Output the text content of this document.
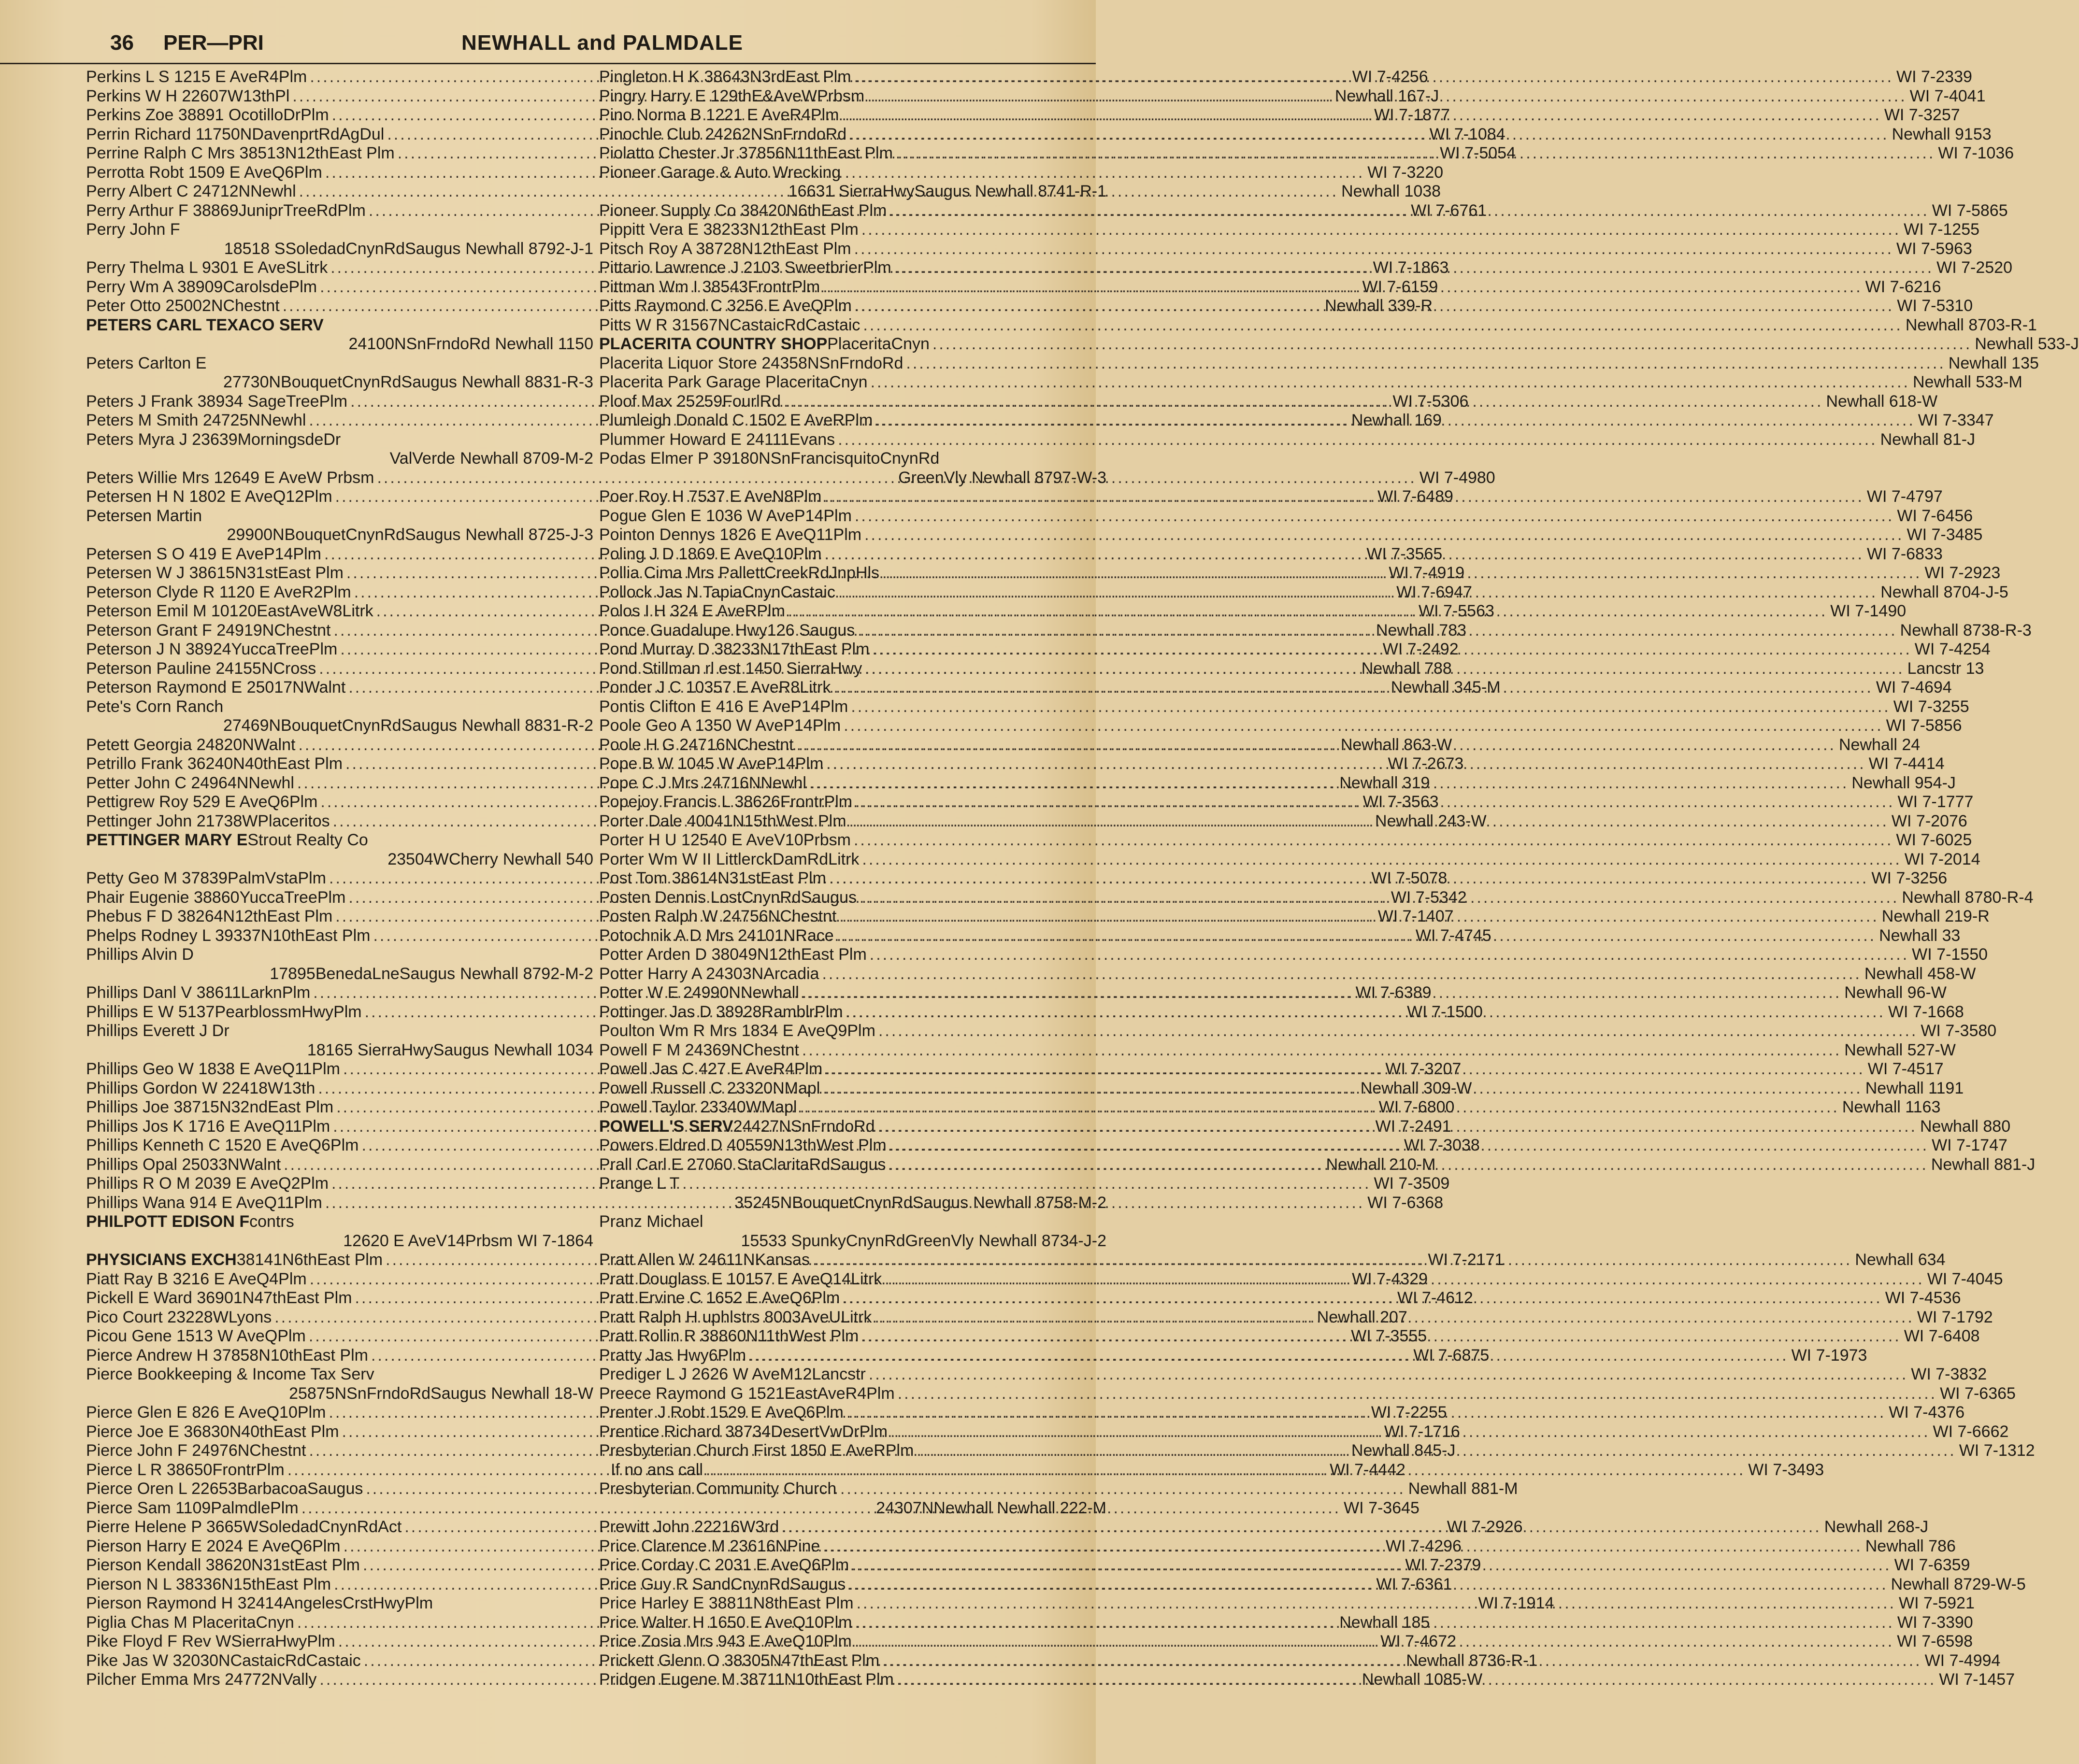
36 PER—PRI	NEWHALL and PALMDALE
Perkins L S 1215 E AveR4Plm .....	WI 7-4256
Perkins W H 22607W13thPl .....	Newhall 167-J
Perkins Zoe 38891 OcotilloDrPlm .....	WI 7-1877
Perrin Richard 11750NDavenprtRdAgDul .....	WI 7-1084
Perrine Ralph C Mrs 38513N12thEast Plm .....	WI 7-5054
Perrotta Robt 1509 E AveQ6Plm .....	WI 7-3220
Perry Albert C 24712NNewhl .....	Newhall 1038
Perry Arthur F 38869JuniprTreeRdPlm .....	WI 7-6761
Perry John F
18518 SSoledadCnynRdSaugus Newhall 8792-J-1
Perry Thelma L 9301 E AveSLitrk .....	WI 7-1863
Perry Wm A 38909CarolsdePlm .....	WI 7-6159
Peter Otto 25002NChestnt .....	Newhall 339-R
PETERS CARL TEXACO SERV
24100NSnFrndoRd Newhall 1150
Peters Carlton E
27730NBouquetCnynRdSaugus Newhall 8831-R-3
Peters J Frank 38934 SageTreePlm .....	WI 7-5306
Peters M Smith 24725NNewhl .....	Newhall 169
Peters Myra J 23639MorningsdeDr
ValVerde Newhall 8709-M-2
Peters Willie Mrs 12649 E AveW Prbsm .....	WI 7-4980
Petersen H N 1802 E AveQ12Plm .....	WI 7-6489
Petersen Martin
29900NBouquetCnynRdSaugus Newhall 8725-J-3
Petersen S O 419 E AveP14Plm .....	WI 7-3565
Petersen W J 38615N31stEast Plm .....	WI 7-4919
Peterson Clyde R 1120 E AveR2Plm .....	WI 7-6947
Peterson Emil M 10120EastAveW8Litrk .....	WI 7-5563
Peterson Grant F 24919NChestnt .....	Newhall 783
Peterson J N 38924YuccaTreePlm .....	WI 7-2492
Peterson Pauline 24155NCross .....	Newhall 788
Peterson Raymond E 25017NWalnt .....	Newhall 345-M
Pete's Corn Ranch
27469NBouquetCnynRdSaugus Newhall 8831-R-2
Petett Georgia 24820NWalnt .....	Newhall 863-W
Petrillo Frank 36240N40thEast Plm .....	WI 7-2673
Petter John C 24964NNewhl .....	Newhall 319
Pettigrew Roy 529 E AveQ6Plm .....	WI 7-3563
Pettinger John 21738WPlaceritos .....	Newhall 243-W
PETTINGER MARY E Strout Realty Co
23504WCherry Newhall 540
Petty Geo M 37839PalmVstaPlm .....	WI 7-5078
Phair Eugenie 38860YuccaTreePlm .....	WI 7-5342
Phebus F D 38264N12thEast Plm .....	WI 7-1407
Phelps Rodney L 39337N10thEast Plm .....	WI 7-4745
Phillips Alvin D
17895BenedaLneSaugus Newhall 8792-M-2
Phillips Danl V 38611LarknPlm .....	WI 7-6389
Phillips E W 5137PearblossmHwyPlm .....	WI 7-1500
Phillips Everett J Dr
18165 SierraHwySaugus Newhall 1034
Phillips Geo W 1838 E AveQ11Plm .....	WI 7-3207
Phillips Gordon W 22418W13th .....	Newhall 309-W
Phillips Joe 38715N32ndEast Plm .....	WI 7-6800
Phillips Jos K 1716 E AveQ11Plm .....	WI 7-2491
Phillips Kenneth C 1520 E AveQ6Plm .....	WI 7-3038
Phillips Opal 25033NWalnt .....	Newhall 210-M
Phillips R O M 2039 E AveQ2Plm .....	WI 7-3509
Phillips Wana 914 E AveQ11Plm .....	WI 7-6368
PHILPOTT EDISON F contrs
12620 E AveV14Prbsm WI 7-1864
PHYSICIANS EXCH 38141N6thEast Plm .....	WI 7-2171
Piatt Ray B 3216 E AveQ4Plm .....	WI 7-4329
Pickell E Ward 36901N47thEast Plm .....	WI 7-4612
Pico Court 23228WLyons .....	Newhall 207
Picou Gene 1513 W AveQPlm .....	WI 7-3555
Pierce Andrew H 37858N10thEast Plm .....	WI 7-6875
Pierce Bookkeeping & Income Tax Serv
25875NSnFrndoRdSaugus Newhall 18-W
Pierce Glen E 826 E AveQ10Plm .....	WI 7-2255
Pierce Joe E 36830N40thEast Plm .....	WI 7-1716
Pierce John F 24976NChestnt .....	Newhall 845-J
Pierce L R 38650FrontrPlm .....	WI 7-4442
Pierce Oren L 22653BarbacoaSaugus .....	Newhall 881-M
Pierce Sam 1109PalmdlePlm .....	WI 7-3645
Pierre Helene P 3665WSoledadCnynRdAct .....	WI 7-2926
Pierson Harry E 2024 E AveQ6Plm .....	WI 7-4296
Pierson Kendall 38620N31stEast Plm .....	WI 7-2379
Pierson N L 38336N15thEast Plm .....	WI 7-6361
Pierson Raymond H 32414AngelesCrstHwyPlm	WI 7-1914
Piglia Chas M PlaceritaCnyn .....	Newhall 185
Pike Floyd F Rev WSierraHwyPlm .....	WI 7-4672
Pike Jas W 32030NCastaicRdCastaic .....	Newhall 8736-R-1
Pilcher Emma Mrs 24772NVally .....	Newhall 1085-W
Pingleton H K 38643N3rdEast Plm .....	WI 7-2339
Pingry Harry E 129thE&AveWPrbsm .....	WI 7-4041
Pino Norma B 1221 E AveR4Plm .....	WI 7-3257
Pinochle Club 24262NSnFrndoRd .....	Newhall 9153
Piolatto Chester Jr 37856N11thEast Plm .....	WI 7-1036
Pioneer Garage & Auto Wrecking
16631 SierraHwySaugus Newhall 8741-R-1
Pioneer Supply Co 38420N6thEast Plm .....	WI 7-5865
Pippitt Vera E 38233N12thEast Plm .....	WI 7-1255
Pitsch Roy A 38728N12thEast Plm .....	WI 7-5963
Pittario Lawrence J 2103 SweetbrierPlm .....	WI 7-2520
Pittman Wm I 38543FrontrPlm .....	WI 7-6216
Pitts Raymond C 3256 E AveQPlm .....	WI 7-5310
Pitts W R 31567NCastaicRdCastaic .....	Newhall 8703-R-1
PLACERITA COUNTRY SHOP PlaceritaCnyn .....	Newhall 533-J
Placerita Liquor Store 24358NSnFrndoRd .....	Newhall 135
Placerita Park Garage PlaceritaCnyn .....	Newhall 533-M
Ploof Max 25259FourlRd .....	Newhall 618-W
Plumleigh Donald C 1502 E AveRPlm .....	WI 7-3347
Plummer Howard E 24111Evans .....	Newhall 81-J
Podas Elmer P 39180NSnFrancisquitoCnynRd
GreenVly Newhall 8797-W-3
Poer Roy H 7537 E AveN8Plm .....	WI 7-4797
Pogue Glen E 1036 W AveP14Plm .....	WI 7-6456
Pointon Dennys 1826 E AveQ11Plm .....	WI 7-3485
Poling J D 1869 E AveQ10Plm .....	WI 7-6833
Pollia Cima Mrs PallettCreekRdJnpHls .....	WI 7-2923
Pollock Jas N TapiaCnynCastaic .....	Newhall 8704-J-5
Polos I H 324 E AveRPlm .....	WI 7-1490
Ponce Guadalupe Hwy126 Saugus .....	Newhall 8738-R-3
Pond Murray D 38233N17thEast Plm .....	WI 7-4254
Pond Stillman rl est 1450 SierraHwy .....	Lancstr 13
Ponder J C 10357 E AveR8Litrk .....	WI 7-4694
Pontis Clifton E 416 E AveP14Plm .....	WI 7-3255
Poole Geo A 1350 W AveP14Plm .....	WI 7-5856
Poole H G 24716NChestnt .....	Newhall 24
Pope B W 1045 W AveP14Plm .....	WI 7-4414
Pope C J Mrs 24716NNewhl .....	Newhall 954-J
Popejoy Francis L 38626FrontrPlm .....	WI 7-1777
Porter Dale 40041N15thWest Plm .....	WI 7-2076
Porter H U 12540 E AveV10Prbsm .....	WI 7-6025
Porter Wm W II LittlerckDamRdLitrk .....	WI 7-2014
Post Tom 38614N31stEast Plm .....	WI 7-3256
Posten Dennis LostCnynRdSaugus .....	Newhall 8780-R-4
Posten Ralph W 24756NChestnt .....	Newhall 219-R
Potochnik A D Mrs 24101NRace .....	Newhall 33
Potter Arden D 38049N12thEast Plm .....	WI 7-1550
Potter Harry A 24303NArcadia .....	Newhall 458-W
Potter W E 24990NNewhall .....	Newhall 96-W
Pottinger Jas D 38928RamblrPlm .....	WI 7-1668
Poulton Wm R Mrs 1834 E AveQ9Plm .....	WI 7-3580
Powell F M 24369NChestnt .....	Newhall 527-W
Powell Jas C 427 E AveR4Plm .....	WI 7-4517
Powell Russell C 23320NMapl .....	Newhall 1191
Powell Taylor 23340WMapl .....	Newhall 1163
POWELL'S SERV 24427NSnFrndoRd .....	Newhall 880
Powers Eldred D 40559N13thWest Plm .....	WI 7-1747
Prall Carl E 27060 StaClaritaRdSaugus .....	Newhall 881-J
Prange L T
35245NBouquetCnynRdSaugus Newhall 8758-M-2
Pranz Michael
15533 SpunkyCnynRdGreenVly Newhall 8734-J-2
Pratt Allen W 24611NKansas .....	Newhall 634
Pratt Douglass E 10157 E AveQ14Litrk .....	WI 7-4045
Pratt Ervine C 1652 E AveQ6Plm .....	WI 7-4536
Pratt Ralph H uphlstrs 8003AveULitrk .....	WI 7-1792
Pratt Rollin R 38860N11thWest Plm .....	WI 7-6408
Pratty Jas Hwy6Plm .....	WI 7-1973
Prediger L J 2626 W AveM12Lancstr .....	WI 7-3832
Preece Raymond G 1521EastAveR4Plm .....	WI 7-6365
Prenter J Robt 1529 E AveQ6Plm .....	WI 7-4376
Prentice Richard 38734DesertVwDrPlm .....	WI 7-6662
Presbyterian Church First 1850 E AveRPlm .....	WI 7-1312
If no ans call .....	WI 7-3493
Presbyterian Community Church
24307NNewhall Newhall 222-M
Prewitt John 22216W3rd .....	Newhall 268-J
Price Clarence M 23616NPine .....	Newhall 786
Price Corday C 2031 E AveQ6Plm .....	WI 7-6359
Price Guy R SandCnynRdSaugus .....	Newhall 8729-W-5
Price Harley E 38811N8thEast Plm .....	WI 7-5921
Price Walter H 1650 E AveQ10Plm .....	WI 7-3390
Price Zosia Mrs 943 E AveQ10Plm .....	WI 7-6598
Prickett Glenn O 38305N47thEast Plm .....	WI 7-4994
Pridgen Eugene M 38711N10thEast Plm .....	WI 7-1457
